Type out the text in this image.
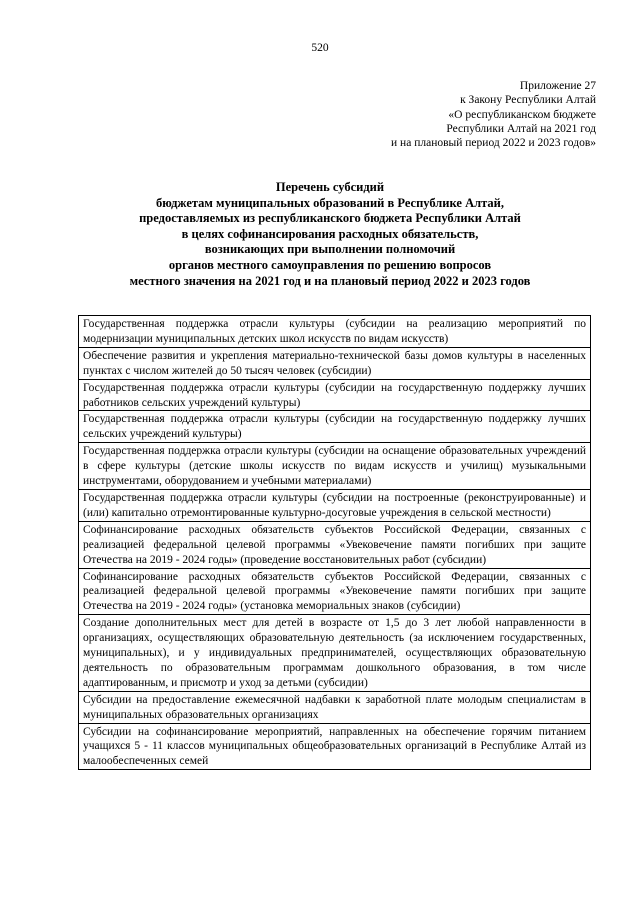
520
Приложение 27
к Закону Республики Алтай
«О республиканском бюджете
Республики Алтай на 2021 год
и на плановый период 2022 и 2023 годов»
Перечень субсидий
бюджетам муниципальных образований в Республике Алтай,
предоставляемых из республиканского бюджета Республики Алтай
в целях софинансирования расходных обязательств,
возникающих при выполнении полномочий
органов местного самоуправления по решению вопросов
местного значения на 2021 год и на плановый период 2022 и 2023 годов
Государственная поддержка отрасли культуры (субсидии на реализацию мероприятий по модернизации муниципальных детских школ искусств по видам искусств)
Обеспечение развития и укрепления материально-технической базы домов культуры в населенных пунктах с числом жителей до 50 тысяч человек (субсидии)
Государственная поддержка отрасли культуры (субсидии на государственную поддержку лучших работников сельских учреждений культуры)
Государственная поддержка отрасли культуры (субсидии на государственную поддержку лучших сельских учреждений культуры)
Государственная поддержка отрасли культуры (субсидии на оснащение образовательных учреждений в сфере культуры (детские школы искусств по видам искусств и училищ) музыкальными инструментами, оборудованием и учебными материалами)
Государственная поддержка отрасли культуры (субсидии на построенные (реконструированные) и (или) капитально отремонтированные культурно-досуговые учреждения в сельской местности)
Софинансирование расходных обязательств субъектов Российской Федерации, связанных с реализацией федеральной целевой программы «Увековечение памяти погибших при защите Отечества на 2019 - 2024 годы» (проведение восстановительных работ (субсидии)
Софинансирование расходных обязательств субъектов Российской Федерации, связанных с реализацией федеральной целевой программы «Увековечение памяти погибших при защите Отечества на 2019 - 2024 годы» (установка мемориальных знаков (субсидии)
Создание дополнительных мест для детей в возрасте от 1,5 до 3 лет любой направленности в организациях, осуществляющих образовательную деятельность (за исключением государственных, муниципальных), и у индивидуальных предпринимателей, осуществляющих образовательную деятельность по образовательным программам дошкольного образования, в том числе адаптированным, и присмотр и уход за детьми (субсидии)
Субсидии на предоставление ежемесячной надбавки к заработной плате молодым специалистам в муниципальных образовательных организациях
Субсидии на софинансирование мероприятий, направленных на обеспечение горячим питанием учащихся 5 - 11 классов муниципальных общеобразовательных организаций в Республике Алтай из малообеспеченных семей
